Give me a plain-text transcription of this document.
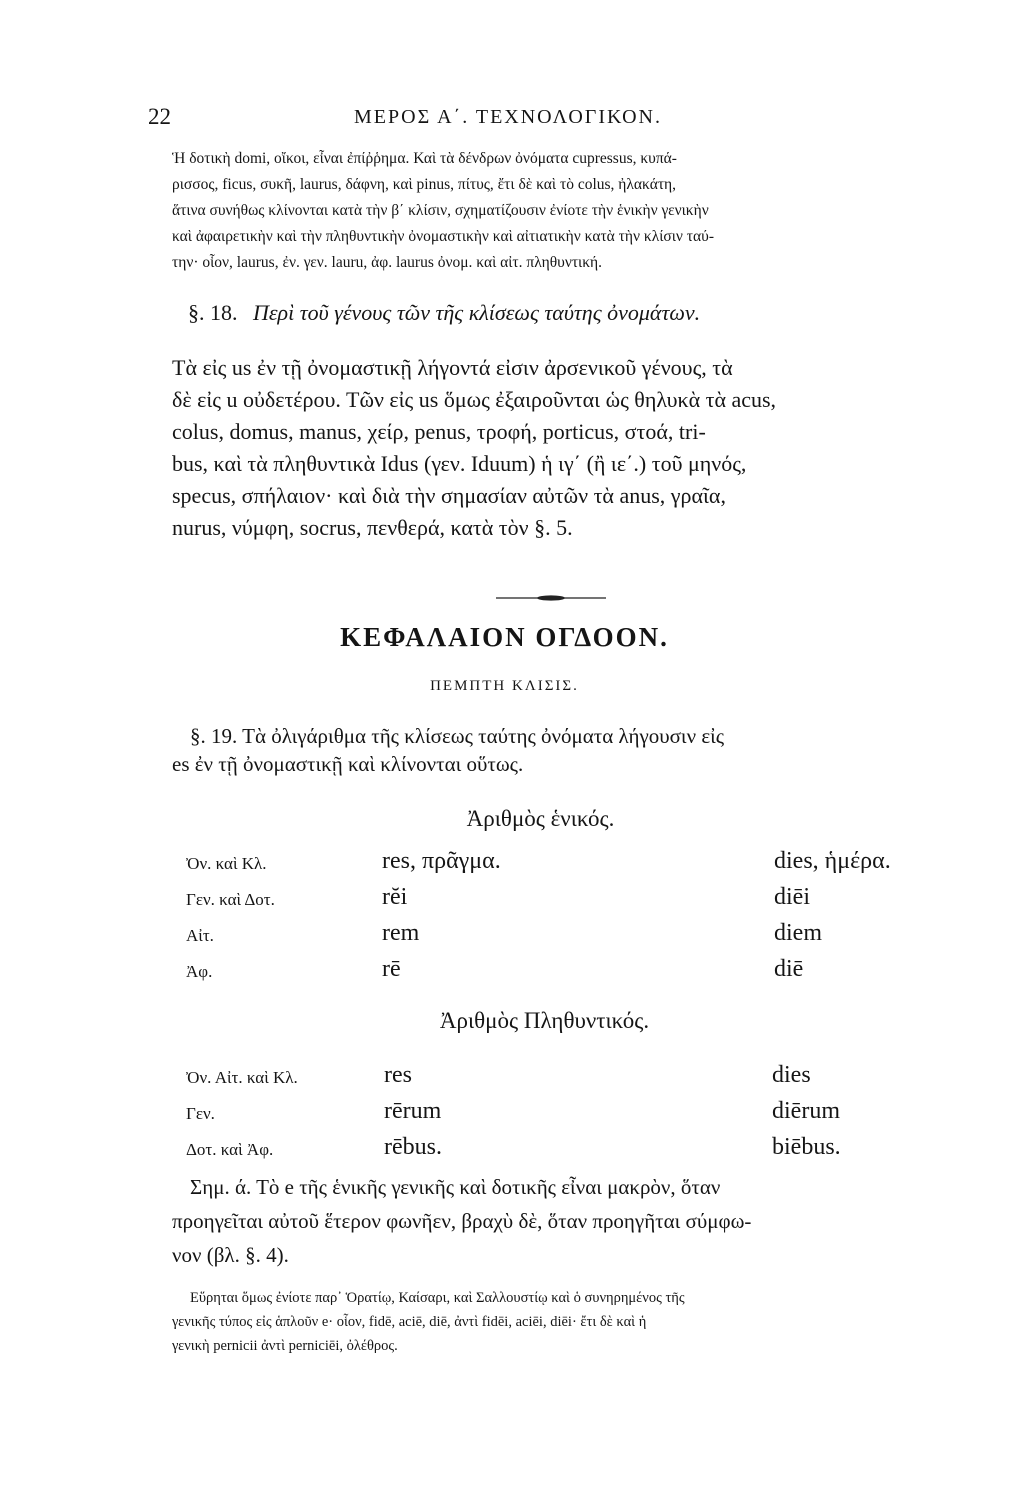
22	ΜΕΡΟΣ Α΄. ΤΕΧΝΟΛΟΓΙΚΟΝ.
Ἡ δοτικὴ domi, οἴκοι, εἶναι ἐπίῤῥημα. Καὶ τὰ δένδρων ὀνόματα cupressus, κυπά-
ρισσος, ficus, συκῆ, laurus, δάφνη, καὶ pinus, πίτυς, ἔτι δὲ καὶ τὸ colus, ἠλακάτη,
ἅτινα συνήθως κλίνονται κατὰ τὴν β΄ κλίσιν, σχηματίζουσιν ἐνίοτε τὴν ἑνικὴν γενικὴν
καὶ ἀφαιρετικὴν καὶ τὴν πληθυντικὴν ὀνομαστικὴν καὶ αἰτιατικὴν κατὰ τὴν κλίσιν ταύ-
την· οἷον, laurus, ἐν. γεν. lauru, ἀφ. laurus ὀνομ. καὶ αἰτ. πληθυντική.
§. 18. Περὶ τοῦ γένους τῶν τῆς κλίσεως ταύτης ὀνομάτων.
Τὰ εἰς us ἐν τῇ ὀνομαστικῇ λήγοντά εἰσιν ἀρσενικοῦ γένους, τὰ
δὲ εἰς u οὐδετέρου. Τῶν εἰς us ὅμως ἐξαιροῦνται ὡς θηλυκὰ τὰ acus,
colus, domus, manus, χείρ, penus, τροφή, porticus, στοά, tri-
bus, καὶ τὰ πληθυντικὰ Idus (γεν. Iduum) ἡ ιγ΄ (ἢ ιε΄.) τοῦ μηνός,
specus, σπήλαιον· καὶ διὰ τὴν σημασίαν αὐτῶν τὰ anus, γραῖα,
nurus, νύμφη, socrus, πενθερά, κατὰ τὸν §. 5.
ΚΕΦΑΛΑΙΟΝ ΟΓΔΟΟΝ.
ΠΕΜΠΤΗ ΚΛΙΣΙΣ.
§. 19. Τὰ ὀλιγάριθμα τῆς κλίσεως ταύτης ὀνόματα λήγουσιν εἰς
es ἐν τῇ ὀνομαστικῇ καὶ κλίνονται οὕτως.
Ἀριθμὸς ἑνικός.
Ὀν. καὶ Κλ.	res, πρᾶγμα.	dies, ἡμέρα.
Γεν. καὶ Δοτ.	rĕi	diēi
Αἰτ.	rem	diem
Ἀφ.	rē	diē
Ἀριθμὸς Πληθυντικός.
Ὀν. Αἰτ. καὶ Κλ.	res	dies
Γεν.	rērum	diērum
Δοτ. καὶ Ἀφ.	rēbus.	biēbus.
Σημ. ά. Τὸ e τῆς ἑνικῆς γενικῆς καὶ δοτικῆς εἶναι μακρὸν, ὅταν
προηγεῖται αὐτοῦ ἕτερον φωνῆεν, βραχὺ δὲ, ὅταν προηγῆται σύμφω-
νον (βλ. §. 4).
Εὕρηται ὅμως ἐνίοτε παρ᾽ Ὁρατίῳ, Καίσαρι, καὶ Σαλλουστίῳ καὶ ὁ συνηρημένος τῆς
γενικῆς τύπος εἰς ἁπλοῦν e· οἷον, fidē, aciē, diē, ἀντὶ fidēi, aciēi, diēi· ἔτι δὲ καὶ ἡ
γενικὴ pernicii ἀντὶ perniciēi, ὀλέθρος.
